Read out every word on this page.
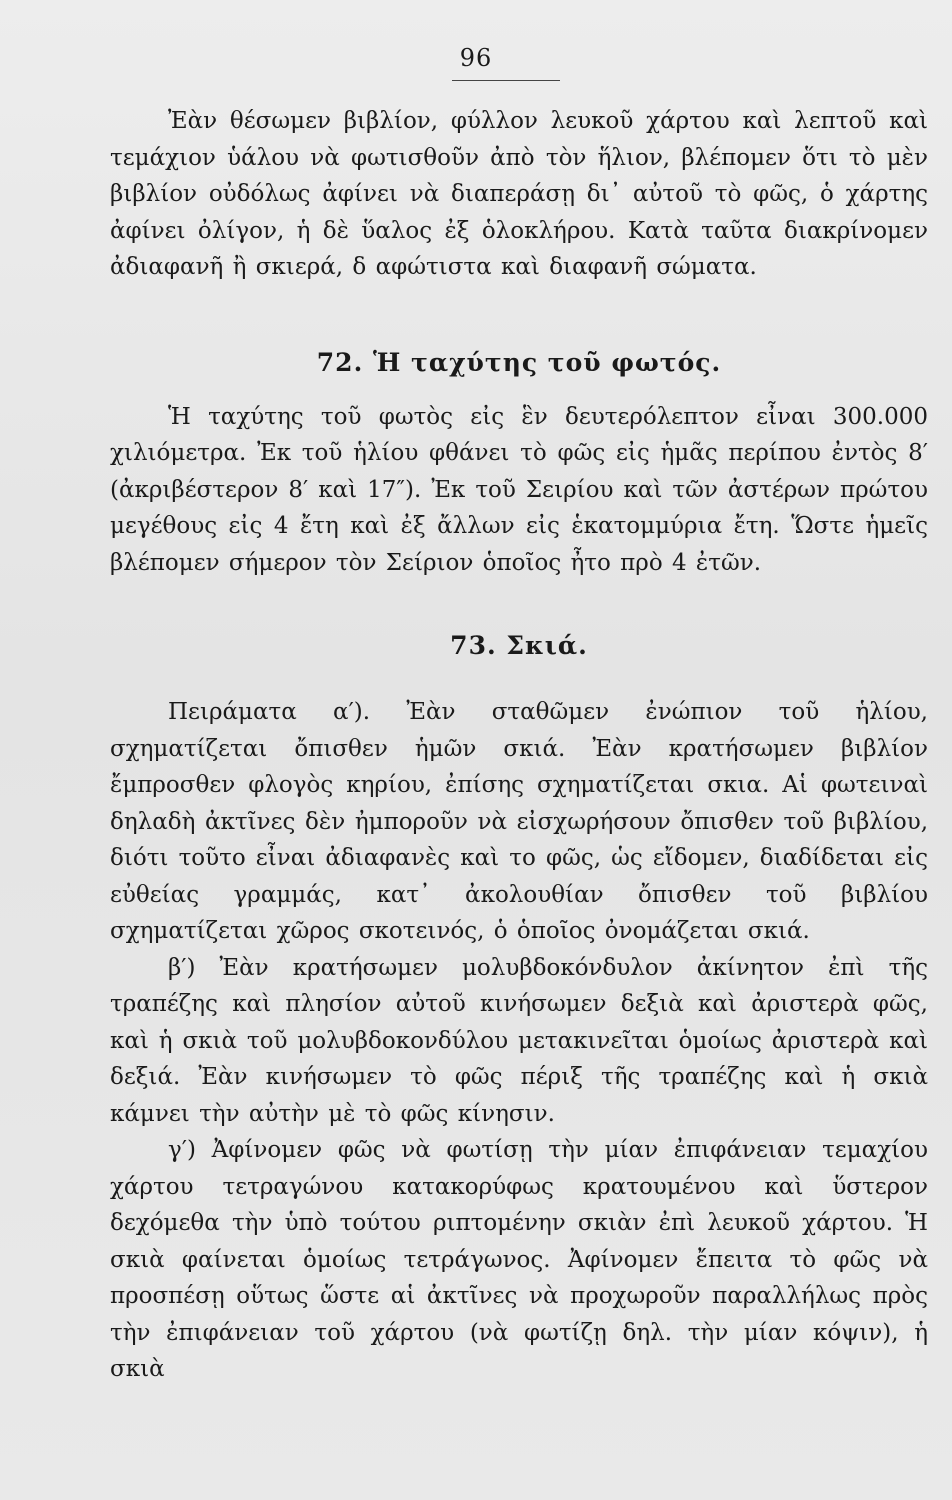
96

Ἐὰν θέσωμεν βιβλίον, φύλλον λευκοῦ χάρτου καὶ λεπτοῦ καὶ τεμάχιον ὑάλου νὰ φωτισθοῦν ἀπὸ τὸν ἥλιον, βλέπομεν ὅτι τὸ μὲν βιβλίον οὐδόλως ἀφίνει νὰ διαπεράσῃ δι᾽ αὐτοῦ τὸ φῶς, ὁ χάρτης ἀφίνει ὀλίγον, ἡ δὲ ὕαλος ἐξ ὁλοκλήρου. Κατὰ ταῦτα διακρίνομεν ἀδιαφανῆ ἢ σκιερά, δ αφώτιστα καὶ διαφανῆ σώματα.

72. Ἡ ταχύτης τοῦ φωτός.

Ἡ ταχύτης τοῦ φωτὸς εἰς ἓν δευτερόλεπτον εἶναι 300.000 χιλιόμετρα. Ἐκ τοῦ ἡλίου φθάνει τὸ φῶς εἰς ἡμᾶς περίπου ἐντὸς 8′ (ἀκριβέστερον 8′ καὶ 17″). Ἐκ τοῦ Σειρίου καὶ τῶν ἀστέρων πρώτου μεγέθους εἰς 4 ἔτη καὶ ἐξ ἄλλων εἰς ἑκατομμύρια ἔτη. Ὥστε ἡμεῖς βλέπομεν σήμερον τὸν Σείριον ὁποῖος ἦτο πρὸ 4 ἐτῶν.

73. Σκιά.

Πειράματα α′). Ἐὰν σταθῶμεν ἐνώπιον τοῦ ἡλίου, σχηματίζεται ὄπισθεν ἡμῶν σκιά. Ἐὰν κρατήσωμεν βιβλίον ἔμπροσθεν φλογὸς κηρίου, ἐπίσης σχηματίζεται σκια. Αἱ φωτειναὶ δηλαδὴ ἀκτῖνες δὲν ἠμποροῦν νὰ εἰσχωρήσουν ὄπισθεν τοῦ βιβλίου, διότι τοῦτο εἶναι ἀδιαφανὲς καὶ το φῶς, ὡς εἴδομεν, διαδίδεται εἰς εὐθείας γραμμάς, κατ᾽ ἀκολουθίαν ὄπισθεν τοῦ βιβλίου σχηματίζεται χῶρος σκοτεινός, ὁ ὁποῖος ὀνομάζεται σκιά.

β′) Ἐὰν κρατήσωμεν μολυβδοκόνδυλον ἀκίνητον ἐπὶ τῆς τραπέζης καὶ πλησίον αὐτοῦ κινήσωμεν δεξιὰ καὶ ἀριστερὰ φῶς, καὶ ἡ σκιὰ τοῦ μολυβδοκονδύλου μετακινεῖται ὁμοίως ἀριστερὰ καὶ δεξιά. Ἐὰν κινήσωμεν τὸ φῶς πέριξ τῆς τραπέζης καὶ ἡ σκιὰ κάμνει τὴν αὐτὴν μὲ τὸ φῶς κίνησιν.

γ′) Ἀφίνομεν φῶς νὰ φωτίσῃ τὴν μίαν ἐπιφάνειαν τεμαχίου χάρτου τετραγώνου κατακορύφως κρατουμένου καὶ ὕστερον δεχόμεθα τὴν ὑπὸ τούτου ριπτομένην σκιὰν ἐπὶ λευκοῦ χάρτου. Ἡ σκιὰ φαίνεται ὁμοίως τετράγωνος. Ἀφίνομεν ἔπειτα τὸ φῶς νὰ προσπέσῃ οὕτως ὥστε αἱ ἀκτῖνες νὰ προχωροῦν παραλλήλως πρὸς τὴν ἐπιφάνειαν τοῦ χάρτου (νὰ φωτίζῃ δηλ. τὴν μίαν κόψιν), ἡ σκιὰ
